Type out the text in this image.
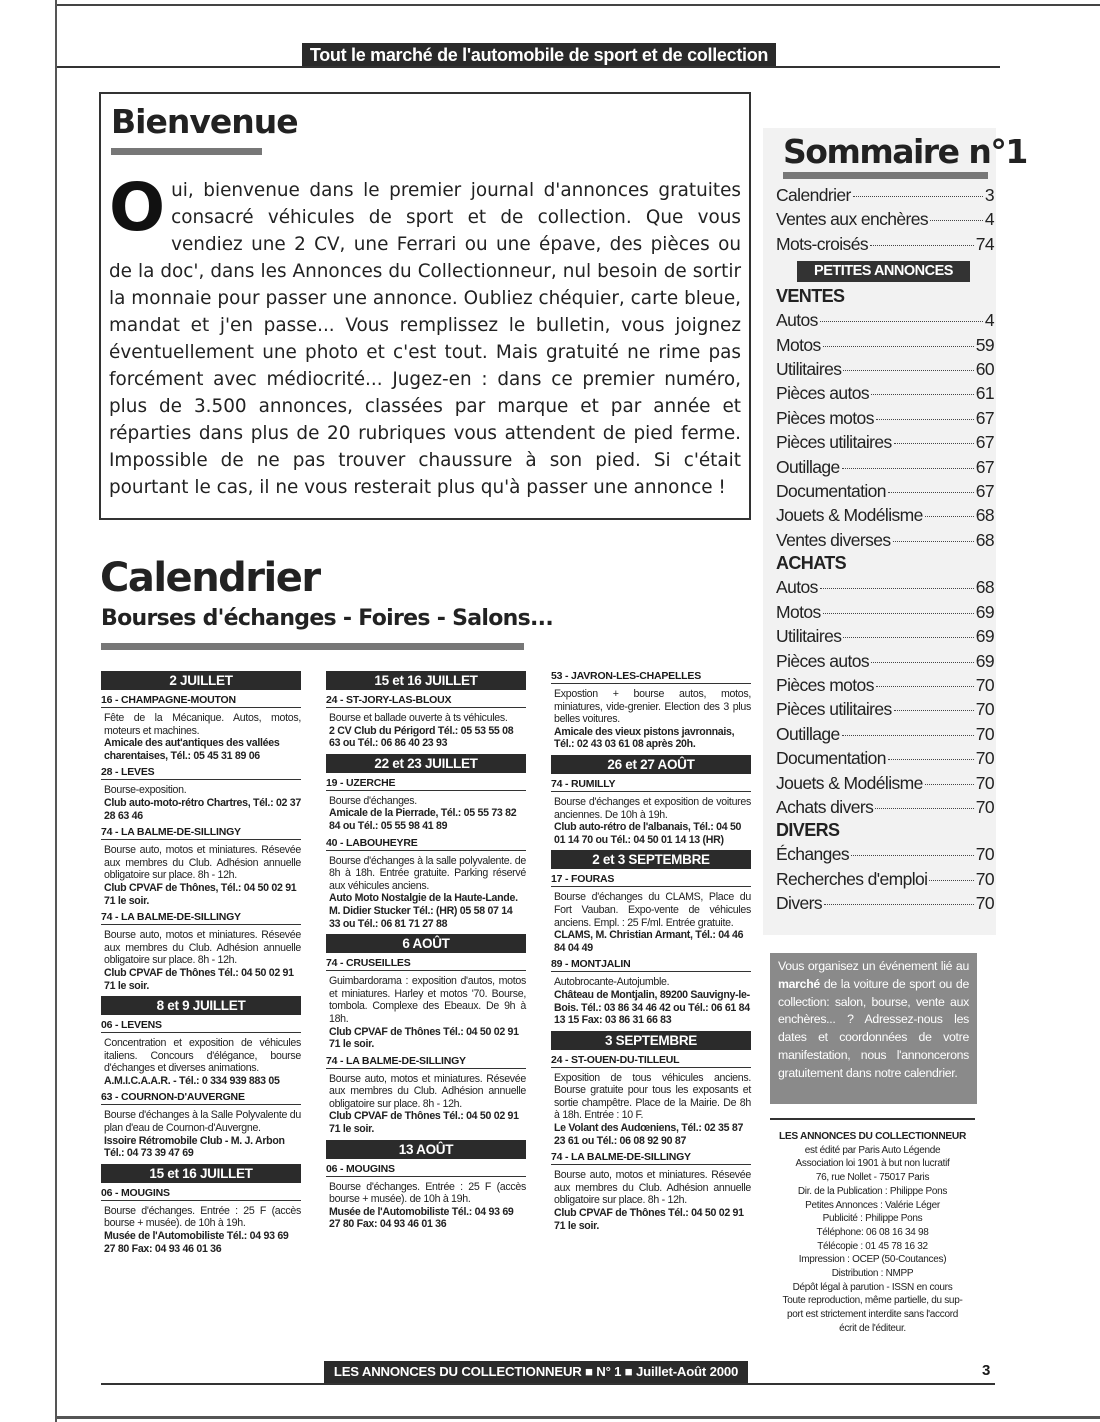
Tout le marché de l'automobile de sport et de collection
Bienvenue
Oui, bienvenue dans le premier journal d'annonces gratuites consacré véhicules de sport et de collection. Que vous vendiez une 2 CV, une Ferrari ou une épave, des pièces ou de la doc', dans les Annonces du Collectionneur, nul besoin de sortir la monnaie pour passer une annonce. Oubliez chéquier, carte bleue, mandat et j'en passe... Vous remplissez le bulletin, vous joignez éventuellement une photo et c'est tout. Mais gratuité ne rime pas forcément avec médiocrité... Jugez-en : dans ce premier numéro, plus de 3.500 annonces, classées par marque et par année et réparties dans plus de 20 rubriques vous attendent de pied ferme. Impossible de ne pas trouver chaussure à son pied. Si c'était pourtant le cas, il ne vous resterait plus qu'à passer une annonce !
Calendrier
Bourses d'échanges - Foires - Salons...
2 JUILLET
16 - CHAMPAGNE-MOUTON
Fête de la Mécanique. Autos, motos, moteurs et machines.
Amicale des aut'antiques des vallées charentaises, Tél.: 05 45 31 89 06
28 - LEVES
Bourse-exposition.
Club auto-moto-rétro Chartres, Tél.: 02 37 28 63 46
74 - LA BALME-DE-SILLINGY
Bourse auto, motos et miniatures. Résevée aux membres du Club. Adhésion annuelle obligatoire sur place. 8h - 12h.
Club CPVAF de Thônes, Tél.: 04 50 02 91 71 le soir.
74 - LA BALME-DE-SILLINGY
Bourse auto, motos et miniatures. Résevée aux membres du Club. Adhésion annuelle obligatoire sur place. 8h - 12h.
Club CPVAF de Thônes Tél.: 04 50 02 91 71 le soir.
8 et 9 JUILLET
06 - LEVENS
Concentration et exposition de véhicules italiens. Concours d'élégance, bourse d'échanges et diverses animations.
A.M.I.C.A.A.R. - Tél.: 0 334 939 883 05
63 - COURNON-D'AUVERGNE
Bourse d'échanges à la Salle Polyvalente du plan d'eau de Cournon-d'Auvergne.
Issoire Rétromobile Club - M. J. Arbon Tél.: 04 73 39 47 69
15 et 16 JUILLET
06 - MOUGINS
Bourse d'échanges. Entrée : 25 F (accès bourse + musée). de 10h à 19h.
Musée de l'Automobiliste Tél.: 04 93 69 27 80 Fax: 04 93 46 01 36
15 et 16 JUILLET
24 - ST-JORY-LAS-BLOUX
Bourse et ballade ouverte à ts véhicules.
2 CV Club du Périgord Tél.: 05 53 55 08 63 ou Tél.: 06 86 40 23 93
22 et 23 JUILLET
19 - UZERCHE
Bourse d'échanges.
Amicale de la Pierrade, Tél.: 05 55 73 82 84 ou Tél.: 05 55 98 41 89
40 - LABOUHEYRE
Bourse d'échanges à la salle polyvalente. de 8h à 18h. Entrée gratuite. Parking réservé aux véhicules anciens.
Auto Moto Nostalgie de la Haute-Lande. M. Didier Stucker Tél.: (HR) 05 58 07 14 33 ou Tél.: 06 81 71 27 88
6 AOÛT
74 - CRUSEILLES
Guimbardorama : exposition d'autos, motos et miniatures. Harley et motos '70. Bourse, tombola. Complexe des Ebeaux. De 9h à 18h.
Club CPVAF de Thônes Tél.: 04 50 02 91 71 le soir.
74 - LA BALME-DE-SILLINGY
Bourse auto, motos et miniatures. Résevée aux membres du Club. Adhésion annuelle obligatoire sur place. 8h - 12h.
Club CPVAF de Thônes Tél.: 04 50 02 91 71 le soir.
13 AOÛT
06 - MOUGINS
Bourse d'échanges. Entrée : 25 F (accès bourse + musée). de 10h à 19h.
Musée de l'Automobiliste Tél.: 04 93 69 27 80 Fax: 04 93 46 01 36
53 - JAVRON-LES-CHAPELLES
Expostion + bourse autos, motos, miniatures, vide-grenier. Election des 3 plus belles voitures.
Amicale des vieux pistons javronnais, Tél.: 02 43 03 61 08 après 20h.
26 et 27 AOÛT
74 - RUMILLY
Bourse d'échanges et exposition de voitures anciennes. De 10h à 19h.
Club auto-rétro de l'albanais, Tél.: 04 50 01 14 70 ou Tél.: 04 50 01 14 13 (HR)
2 et 3 SEPTEMBRE
17 - FOURAS
Bourse d'échanges du CLAMS, Place du Fort Vauban. Expo-vente de véhicules anciens. Empl. : 25 F/ml. Entrée gratuite.
CLAMS, M. Christian Armant, Tél.: 04 46 84 04 49
89 - MONTJALIN
Autobrocante-Autojumble.
Château de Montjalin, 89200 Sauvigny-le-Bois. Tél.: 03 86 34 46 42 ou Tél.: 06 61 84 13 15 Fax: 03 86 31 66 83
3 SEPTEMBRE
24 - ST-OUEN-DU-TILLEUL
Exposition de tous véhicules anciens. Bourse gratuite pour tous les exposants et sortie champêtre. Place de la Mairie. De 8h à 18h. Entrée : 10 F.
Le Volant des Audœniens, Tél.: 02 35 87 23 61 ou Tél.: 06 08 92 90 87
74 - LA BALME-DE-SILLINGY
Bourse auto, motos et miniatures. Résevée aux membres du Club. Adhésion annuelle obligatoire sur place. 8h - 12h.
Club CPVAF de Thônes Tél.: 04 50 02 91 71 le soir.
Sommaire n°1
Calendrier	3
Ventes aux enchères	4
Mots-croisés	74
PETITES ANNONCES
VENTES
Autos	4
Motos	59
Utilitaires	60
Pièces autos	61
Pièces motos	67
Pièces utilitaires	67
Outillage	67
Documentation	67
Jouets & Modélisme	68
Ventes diverses	68
ACHATS
Autos	68
Motos	69
Utilitaires	69
Pièces autos	69
Pièces motos	70
Pièces utilitaires	70
Outillage	70
Documentation	70
Jouets & Modélisme	70
Achats divers	70
DIVERS
Échanges	70
Recherches d'emploi	70
Divers	70
Vous organisez un événement lié au marché de la voiture de sport ou de collection: salon, bourse, vente aux enchères... ? Adressez-nous les dates et coordonnées de votre manifestation, nous l'annoncerons gratuitement dans notre calendrier.
LES ANNONCES DU COLLECTIONNEUR
est édité par Paris Auto Légende
Association loi 1901 à but non lucratif
76, rue Nollet - 75017 Paris
Dir. de la Publication : Philippe Pons
Petites Annonces : Valérie Léger
Publicité : Philippe Pons
Téléphone: 06 08 16 34 98
Télécopie : 01 45 78 16 32
Impression : OCEP (50-Coutances)
Distribution : NMPP
Dépôt légal à parution - ISSN en cours
Toute reproduction, même partielle, du sup-
port est strictement interdite sans l'accord
écrit de l'éditeur.
LES ANNONCES DU COLLECTIONNEUR ■ N° 1 ■ Juillet-Août 2000	3
